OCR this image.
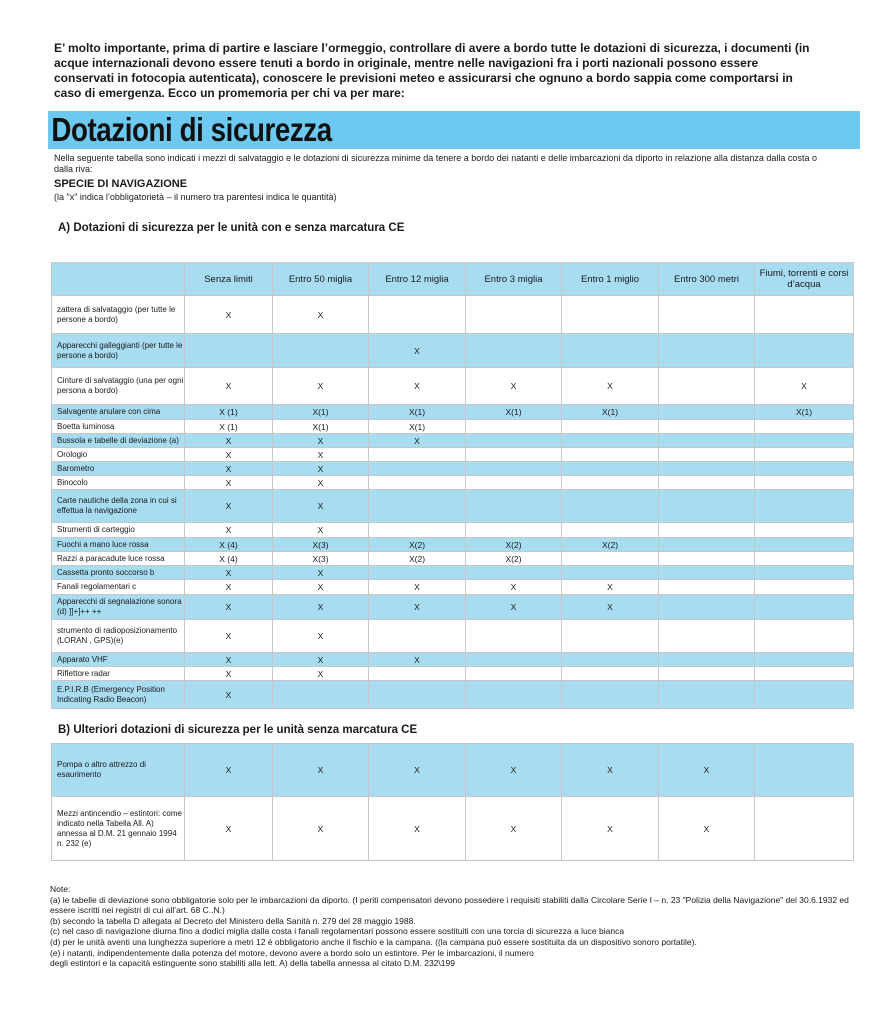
E’ molto importante, prima di partire e lasciare l’ormeggio, controllare di avere a bordo tutte le dotazioni di sicurezza, i documenti (in acque internazionali devono essere tenuti a bordo in originale, mentre nelle navigazioni fra i porti nazionali possono essere conservati in fotocopia autenticata), conoscere le previsioni meteo e assicurarsi che ognuno a bordo sappia come comportarsi in caso di emergenza. Ecco un promemoria per chi va per mare:

Dotazioni di sicurezza

Nella seguente tabella sono indicati i mezzi di salvataggio e le dotazioni di sicurezza minime da tenere a bordo dei natanti e delle imbarcazioni da diporto in relazione alla distanza dalla costa o dalla riva:

SPECIE DI NAVIGAZIONE

(la "x" indica l’obbligatorietà – il numero tra parentesi indica le quantità)

A) Dotazioni di sicurezza per le unità con e senza marcatura CE

	Senza limiti	Entro 50 miglia	Entro 12 miglia	Entro 3 miglia	Entro 1 miglio	Entro 300 metri	Fiumi, torrenti e corsi d’acqua
zattera di salvataggio (per tutte le persone a bordo)	X	X					
Apparecchi galleggianti (per tutte le persone a bordo)			X				
Cinture di salvataggio (una per ogni persona a bordo)	X	X	X	X	X		X
Salvagente anulare con cima	X (1)	X(1)	X(1)	X(1)	X(1)		X(1)
Boetta luminosa	X (1)	X(1)	X(1)				
Bussola e tabelle di deviazione (a)	X	X	X				
Orologio	X	X					
Barometro	X	X					
Binocolo	X	X					
Carte nautiche della zona in cui si effettua la navigazione	X	X					
Strumenti di carteggio	X	X					
Fuochi a mano luce rossa	X (4)	X(3)	X(2)	X(2)	X(2)		
Razzi a paracadute luce rossa	X (4)	X(3)	X(2)	X(2)			
Cassetta pronto soccorso b	X	X					
Fanali regolamentari c	X	X	X	X	X		
Apparecchi di segnalazione sonora (d) ]]+]++ ++	X	X	X	X	X		
strumento di radioposizionamento (LORAN , GPS)(e)	X	X					
Apparato VHF	X	X	X				
Riflettore radar	X	X					
E.P.I.R.B (Emergency Position Indicating Radio Beacon)	X						

B) Ulteriori dotazioni di sicurezza per le unità senza marcatura CE

Pompa o altro attrezzo di esaurimento	X	X	X	X	X	X	
Mezzi antincendio – estintori: come indicato nella Tabella All. A) annessa al D.M. 21 gennaio 1994 n. 232 (e)	X	X	X	X	X	X	
Note:
(a) le tabelle di deviazione sono obbligatorie solo per le imbarcazioni da diporto. (I periti compensatori devono possedere i requisiti stabiliti dalla Circolare Serie I – n. 23 "Polizia della Navigazione" del 30.6.1932 ed essere iscritti nei registri di cui all’art. 68 C..N.)
(b) secondo la tabella D allegata al Decreto del Ministero della Sanità n. 279 del 28 maggio 1988.
(c) nel caso di navigazione diurna fino a dodici miglia dalla costa i fanali regolamentari possono essere sostituiti con una torcia di sicurezza a luce bianca
(d) per le unità aventi una lunghezza superiore a metri 12 è obbligatorio anche il fischio e la campana. ((la campana può essere sostituita da un dispositivo sonoro portatile).
(e) i natanti, indipendentemente dalla potenza del motore, devono avere a bordo solo un estintore. Per le imbarcazioni, il numero
degli estintori e la capacità estinguente sono stabiliti alla lett. A) della tabella annessa al citato D.M. 232\199
